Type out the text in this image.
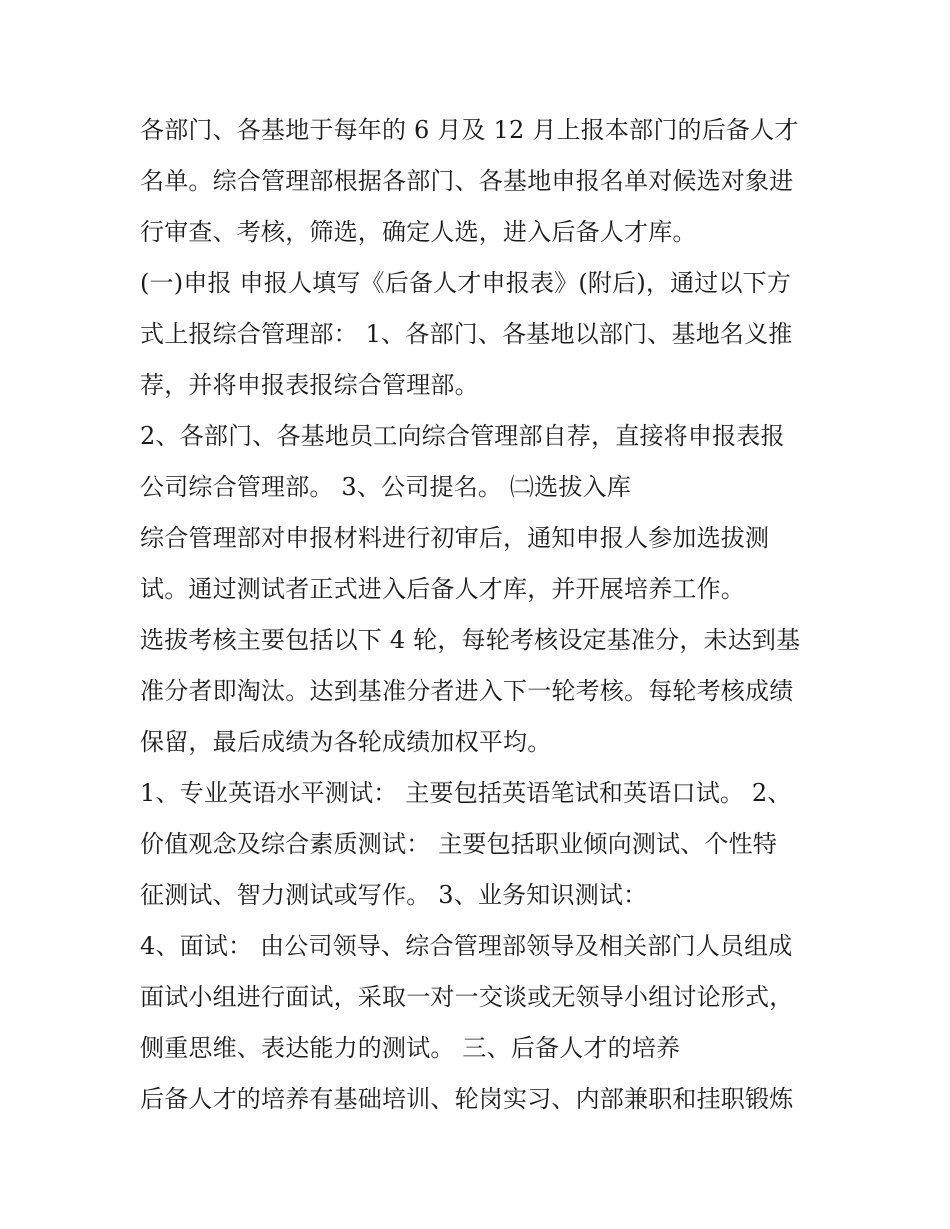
各部门、各基地于每年的 6 月及 12 月上报本部门的后备人才
名单。综合管理部根据各部门、各基地申报名单对候选对象进
行审查、考核，筛选，确定人选，进入后备人才库。
(一)申报 申报人填写《后备人才申报表》(附后)，通过以下方
式上报综合管理部： 1、各部门、各基地以部门、基地名义推
荐，并将申报表报综合管理部。
2、各部门、各基地员工向综合管理部自荐，直接将申报表报
公司综合管理部。 3、公司提名。 ㈡选拔入库
综合管理部对申报材料进行初审后，通知申报人参加选拔测
试。通过测试者正式进入后备人才库，并开展培养工作。
选拔考核主要包括以下 4 轮，每轮考核设定基准分，未达到基
准分者即淘汰。达到基准分者进入下一轮考核。每轮考核成绩
保留，最后成绩为各轮成绩加权平均。
1、专业英语水平测试： 主要包括英语笔试和英语口试。 2、
价值观念及综合素质测试： 主要包括职业倾向测试、个性特
征测试、智力测试或写作。 3、业务知识测试：
4、面试： 由公司领导、综合管理部领导及相关部门人员组成
面试小组进行面试，采取一对一交谈或无领导小组讨论形式，
侧重思维、表达能力的测试。 三、后备人才的培养
后备人才的培养有基础培训、轮岗实习、内部兼职和挂职锻炼
